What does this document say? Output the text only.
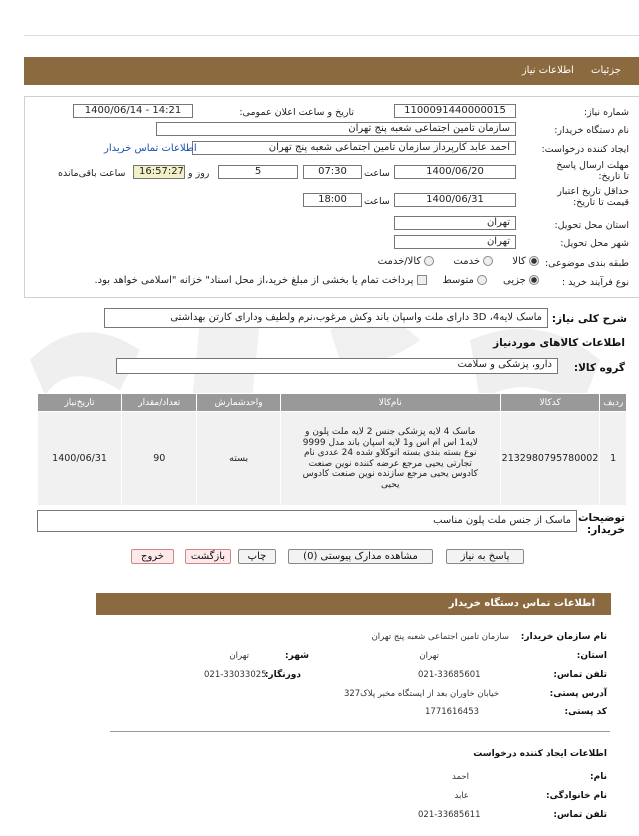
جزئیات اطلاعات نیاز
شماره نیاز:
1100091440000015
تاریخ و ساعت اعلان عمومی:
1400/06/14 - 14:21
نام دستگاه خریدار:
سازمان تامین اجتماعی شعبه پنج تهران
ایجاد کننده درخواست:
احمد عابد کارپرداز سازمان تامین اجتماعی شعبه پنج تهران
اطلاعات تماس خریدار
مهلت ارسال پاسخ تا تاریخ:
1400/06/20
ساعت
07:30
5
روز و
16:57:27
ساعت باقی‌مانده
حداقل تاریخ اعتبار قیمت تا تاریخ:
1400/06/31
ساعت
18:00
استان محل تحویل:
تهران
شهر محل تحویل:
تهران
طبقه بندی موضوعی:
کالا       خدمت       کالا/خدمت
نوع فرآیند خرید :
جزیی      متوسط      پرداخت تمام یا بخشی از مبلغ خرید،از محل اسناد" خزانه "اسلامی خواهد بود.
شرح کلی نیاز:
ماسک لایه4، 3D دارای ملت واسپان باند وکش مرغوب،نرم ولطیف ودارای کارتن بهداشتی
اطلاعات کالاهای موردنیاز
گروه کالا:
دارو، پزشکی و سلامت
ردیف	کدکالا	نام‌کالا	واحدشمارش	تعداد/مقدار	تاریخ‌نیاز
1	2132980795780002	ماسک 4 لایه پزشکی جنس 2 لایه ملت پلون و لایه1 اس ام اس و1 لایه اسپان باند مدل 9999 نوع بسته بندی بسته اتوکلاو شده 24 عددی نام تجارتی یحیی مرجع عرضه کننده نوین صنعت کادوس یحیی مرجع سازنده نوین صنعت کادوس یحیی	بسته	90	1400/06/31
توضیحات خریدار:
ماسک از جنس ملت پلون مناسب
پاسخ به نیاز
مشاهده مدارک پیوستی (0)
چاپ
بازگشت
خروج
اطلاعات تماس دستگاه خریدار
نام سازمان خریدار:
سازمان تامین اجتماعی شعبه پنج تهران
استان:
تهران
شهر:
تهران
تلفن تماس:
021-33685601
دورنگار:
021-33033025
آدرس پستی:
خیابان خاوران بعد از ایستگاه مخبر پلاک327
کد پستی:
1771616453
اطلاعات ایجاد کننده درخواست
نام:
احمد
نام خانوادگی:
عابد
تلفن تماس:
021-33685611
